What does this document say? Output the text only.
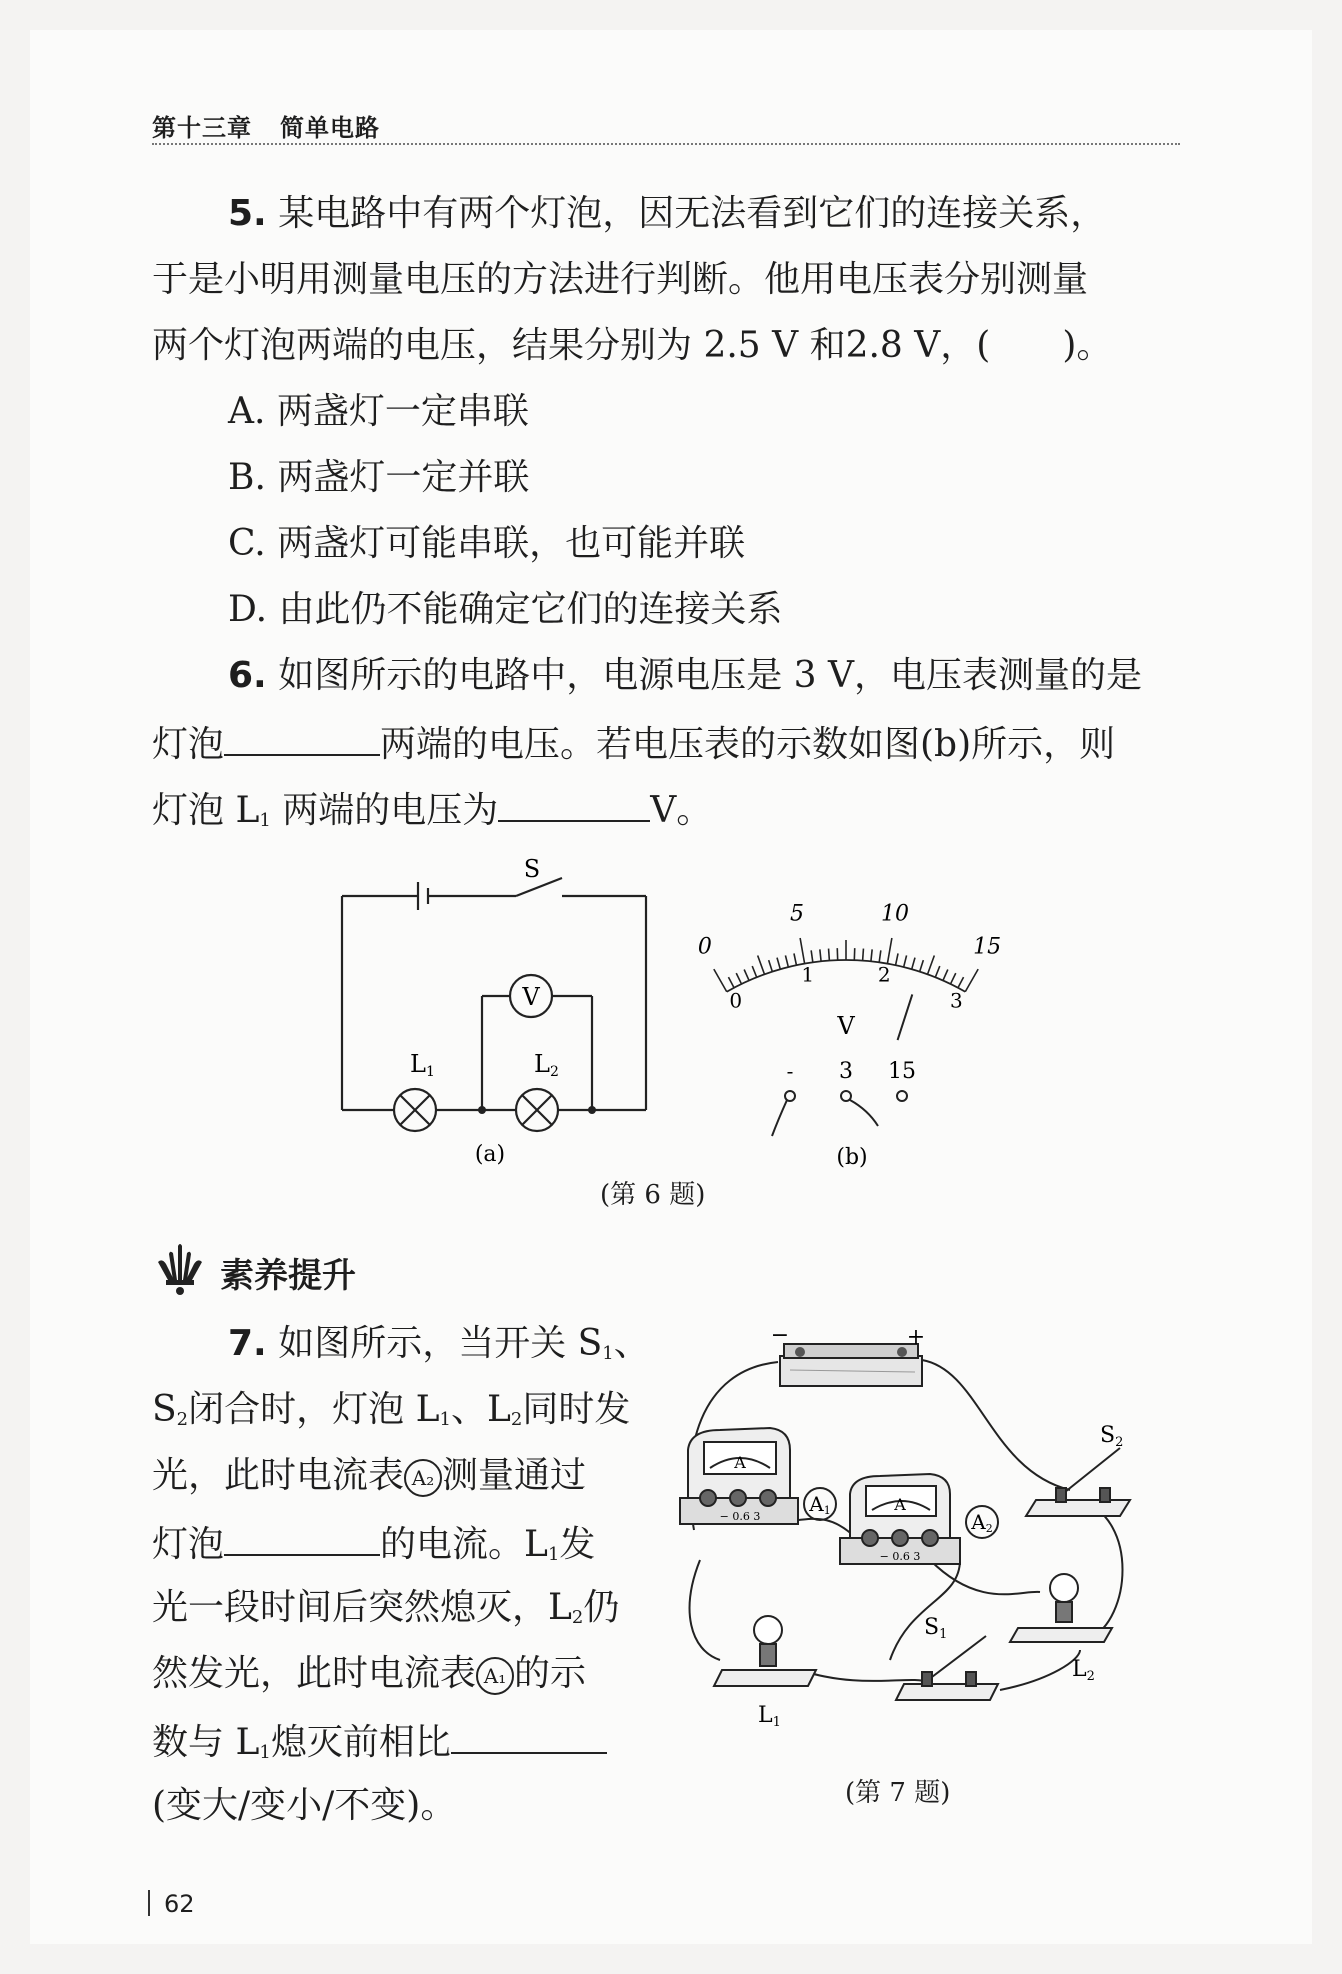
第十三章 简单电路
5. 某电路中有两个灯泡，因无法看到它们的连接关系，
于是小明用测量电压的方法进行判断。他用电压表分别测量
两个灯泡两端的电压，结果分别为 2.5 V 和2.8 V，(　　)。
A. 两盏灯一定串联
B. 两盏灯一定并联
C. 两盏灯可能串联，也可能并联
D. 由此仍不能确定它们的连接关系
6. 如图所示的电路中，电源电压是 3 V，电压表测量的是
灯泡	两端的电压。若电压表的示数如图(b)所示，则
灯泡 $L_1$ 两端的电压为	V。
S
V
L1	L2
(a)
0
5	10
15
0
1	2
3
V
- 3 15
(b)
(第 6 题)
素养提升
7. 如图所示，当开关 $S_1$、
$S_2$闭合时，灯泡 $L_1$、$L_2$同时发
光，此时电流表 A₂ 测量通过
灯泡	的电流。$L_1$发
光一段时间后突然熄灭，$L_2$仍
然发光，此时电流表 A₁ 的示
数与 $L_1$熄灭前相比
(变大/变小/不变)。
−	+
A
− 0.6 3
A1	A
− 0.6 3
A2
S2
L2
S1
L1
(第 7 题)
62
